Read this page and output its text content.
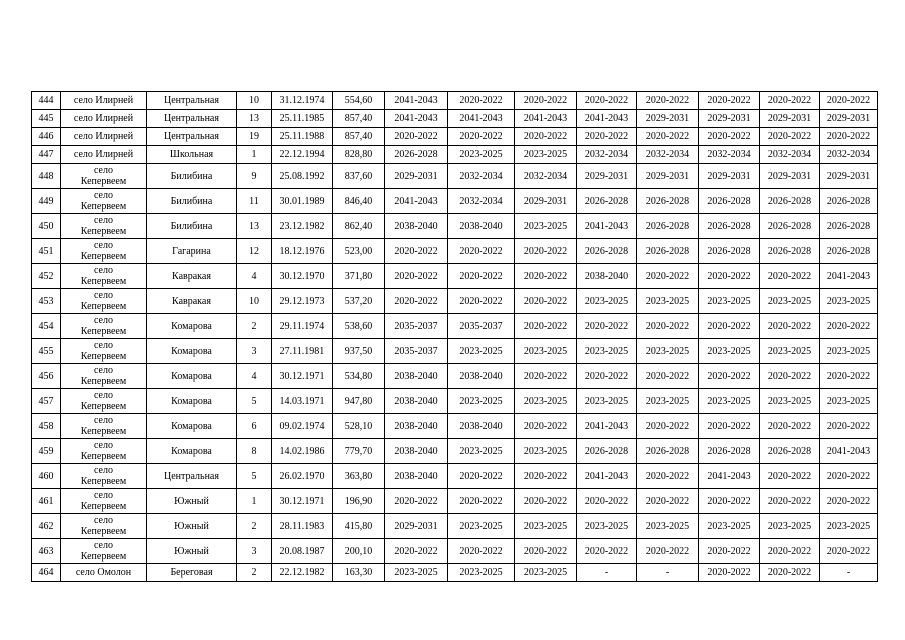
444	село Илирней	Центральная	10	31.12.1974	554,60	2041-2043	2020-2022	2020-2022	2020-2022	2020-2022	2020-2022	2020-2022	2020-2022
445	село Илирней	Центральная	13	25.11.1985	857,40	2041-2043	2041-2043	2041-2043	2041-2043	2029-2031	2029-2031	2029-2031	2029-2031
446	село Илирней	Центральная	19	25.11.1988	857,40	2020-2022	2020-2022	2020-2022	2020-2022	2020-2022	2020-2022	2020-2022	2020-2022
447	село Илирней	Школьная	1	22.12.1994	828,80	2026-2028	2023-2025	2023-2025	2032-2034	2032-2034	2032-2034	2032-2034	2032-2034
448	село
Кепервеем	Билибина	9	25.08.1992	837,60	2029-2031	2032-2034	2032-2034	2029-2031	2029-2031	2029-2031	2029-2031	2029-2031
449	село
Кепервеем	Билибина	11	30.01.1989	846,40	2041-2043	2032-2034	2029-2031	2026-2028	2026-2028	2026-2028	2026-2028	2026-2028
450	село
Кепервеем	Билибина	13	23.12.1982	862,40	2038-2040	2038-2040	2023-2025	2041-2043	2026-2028	2026-2028	2026-2028	2026-2028
451	село
Кепервеем	Гагарина	12	18.12.1976	523,00	2020-2022	2020-2022	2020-2022	2026-2028	2026-2028	2026-2028	2026-2028	2026-2028
452	село
Кепервеем	Кавракая	4	30.12.1970	371,80	2020-2022	2020-2022	2020-2022	2038-2040	2020-2022	2020-2022	2020-2022	2041-2043
453	село
Кепервеем	Кавракая	10	29.12.1973	537,20	2020-2022	2020-2022	2020-2022	2023-2025	2023-2025	2023-2025	2023-2025	2023-2025
454	село
Кепервеем	Комарова	2	29.11.1974	538,60	2035-2037	2035-2037	2020-2022	2020-2022	2020-2022	2020-2022	2020-2022	2020-2022
455	село
Кепервеем	Комарова	3	27.11.1981	937,50	2035-2037	2023-2025	2023-2025	2023-2025	2023-2025	2023-2025	2023-2025	2023-2025
456	село
Кепервеем	Комарова	4	30.12.1971	534,80	2038-2040	2038-2040	2020-2022	2020-2022	2020-2022	2020-2022	2020-2022	2020-2022
457	село
Кепервеем	Комарова	5	14.03.1971	947,80	2038-2040	2023-2025	2023-2025	2023-2025	2023-2025	2023-2025	2023-2025	2023-2025
458	село
Кепервеем	Комарова	6	09.02.1974	528,10	2038-2040	2038-2040	2020-2022	2041-2043	2020-2022	2020-2022	2020-2022	2020-2022
459	село
Кепервеем	Комарова	8	14.02.1986	779,70	2038-2040	2023-2025	2023-2025	2026-2028	2026-2028	2026-2028	2026-2028	2041-2043
460	село
Кепервеем	Центральная	5	26.02.1970	363,80	2038-2040	2020-2022	2020-2022	2041-2043	2020-2022	2041-2043	2020-2022	2020-2022
461	село
Кепервеем	Южный	1	30.12.1971	196,90	2020-2022	2020-2022	2020-2022	2020-2022	2020-2022	2020-2022	2020-2022	2020-2022
462	село
Кепервеем	Южный	2	28.11.1983	415,80	2029-2031	2023-2025	2023-2025	2023-2025	2023-2025	2023-2025	2023-2025	2023-2025
463	село
Кепервеем	Южный	3	20.08.1987	200,10	2020-2022	2020-2022	2020-2022	2020-2022	2020-2022	2020-2022	2020-2022	2020-2022
464	село Омолон	Береговая	2	22.12.1982	163,30	2023-2025	2023-2025	2023-2025	-	-	2020-2022	2020-2022	-
